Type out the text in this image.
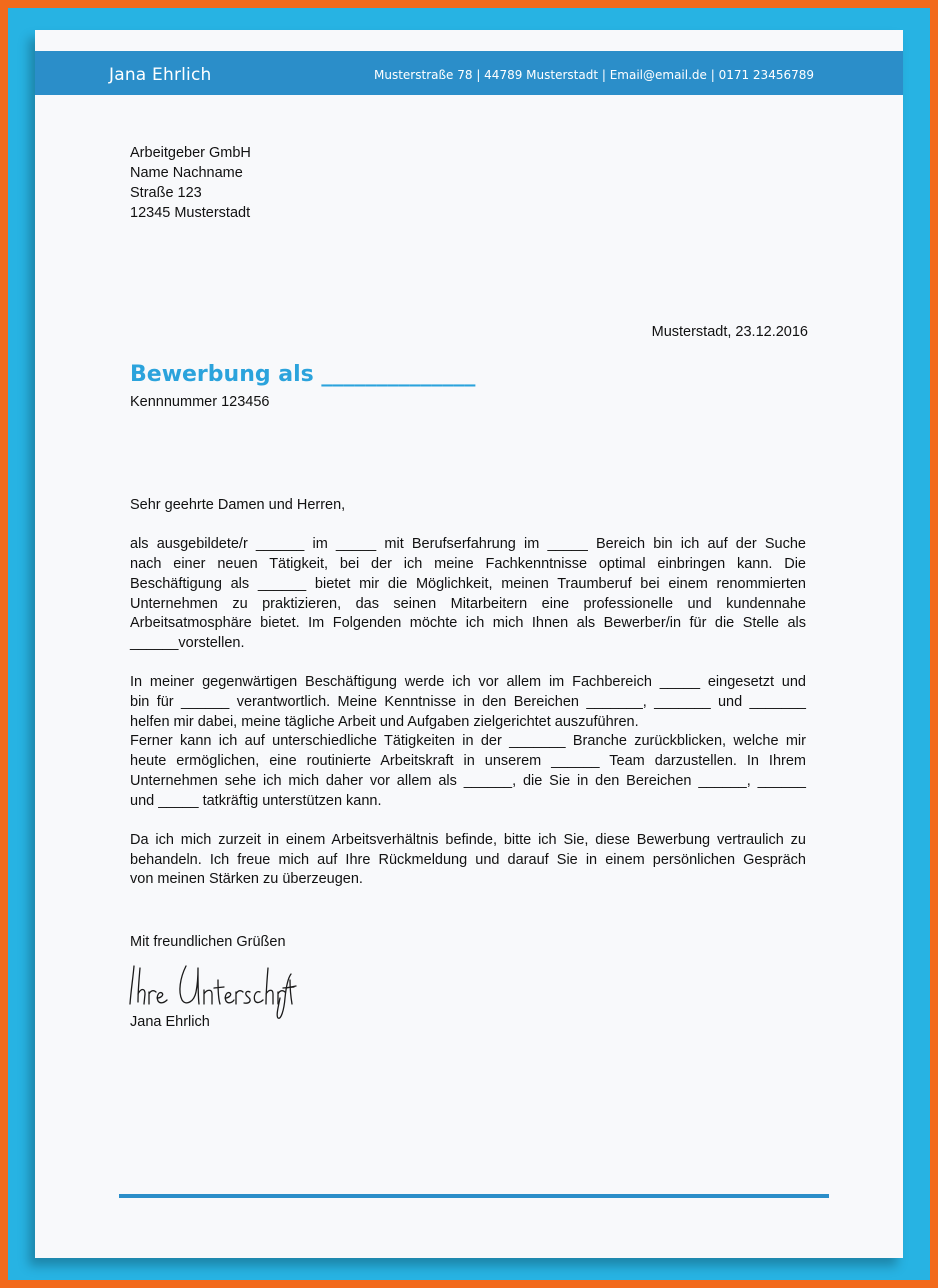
Jana Ehrlich	Musterstraße 78 | 44789 Musterstadt | Email@email.de | 0171 23456789
Arbeitgeber GmbH
Name Nachname
Straße 123
12345 Musterstadt
Musterstadt, 23.12.2016
Bewerbung als ______________
Kennnummer 123456

Sehr geehrte Damen und Herren,

als ausgebildete/r ______ im _____ mit Berufserfahrung im _____ Bereich bin ich auf der Suche

nach einer neuen Tätigkeit, bei der ich meine Fachkenntnisse optimal einbringen kann. Die

Beschäftigung als ______ bietet mir die Möglichkeit, meinen Traumberuf bei einem renommierten

Unternehmen zu praktizieren, das seinen Mitarbeitern eine professionelle und kundennahe

Arbeitsatmosphäre bietet. Im Folgenden möchte ich mich Ihnen als Bewerber/in für die Stelle als

______vorstellen.

In meiner gegenwärtigen Beschäftigung werde ich vor allem im Fachbereich _____ eingesetzt und

bin für ______ verantwortlich. Meine Kenntnisse in den Bereichen _______, _______ und _______

helfen mir dabei, meine tägliche Arbeit und Aufgaben zielgerichtet auszuführen.

Ferner kann ich auf unterschiedliche Tätigkeiten in der _______ Branche zurückblicken, welche mir

heute ermöglichen, eine routinierte Arbeitskraft in unserem ______ Team darzustellen. In Ihrem

Unternehmen sehe ich mich daher vor allem als ______, die Sie in den Bereichen ______, ______

und _____ tatkräftig unterstützen kann.

Da ich mich zurzeit in einem Arbeitsverhältnis befinde, bitte ich Sie, diese Bewerbung vertraulich zu

behandeln. Ich freue mich auf Ihre Rückmeldung und darauf Sie in einem persönlichen Gespräch

von meinen Stärken zu überzeugen.

Mit freundlichen Grüßen
Jana Ehrlich
